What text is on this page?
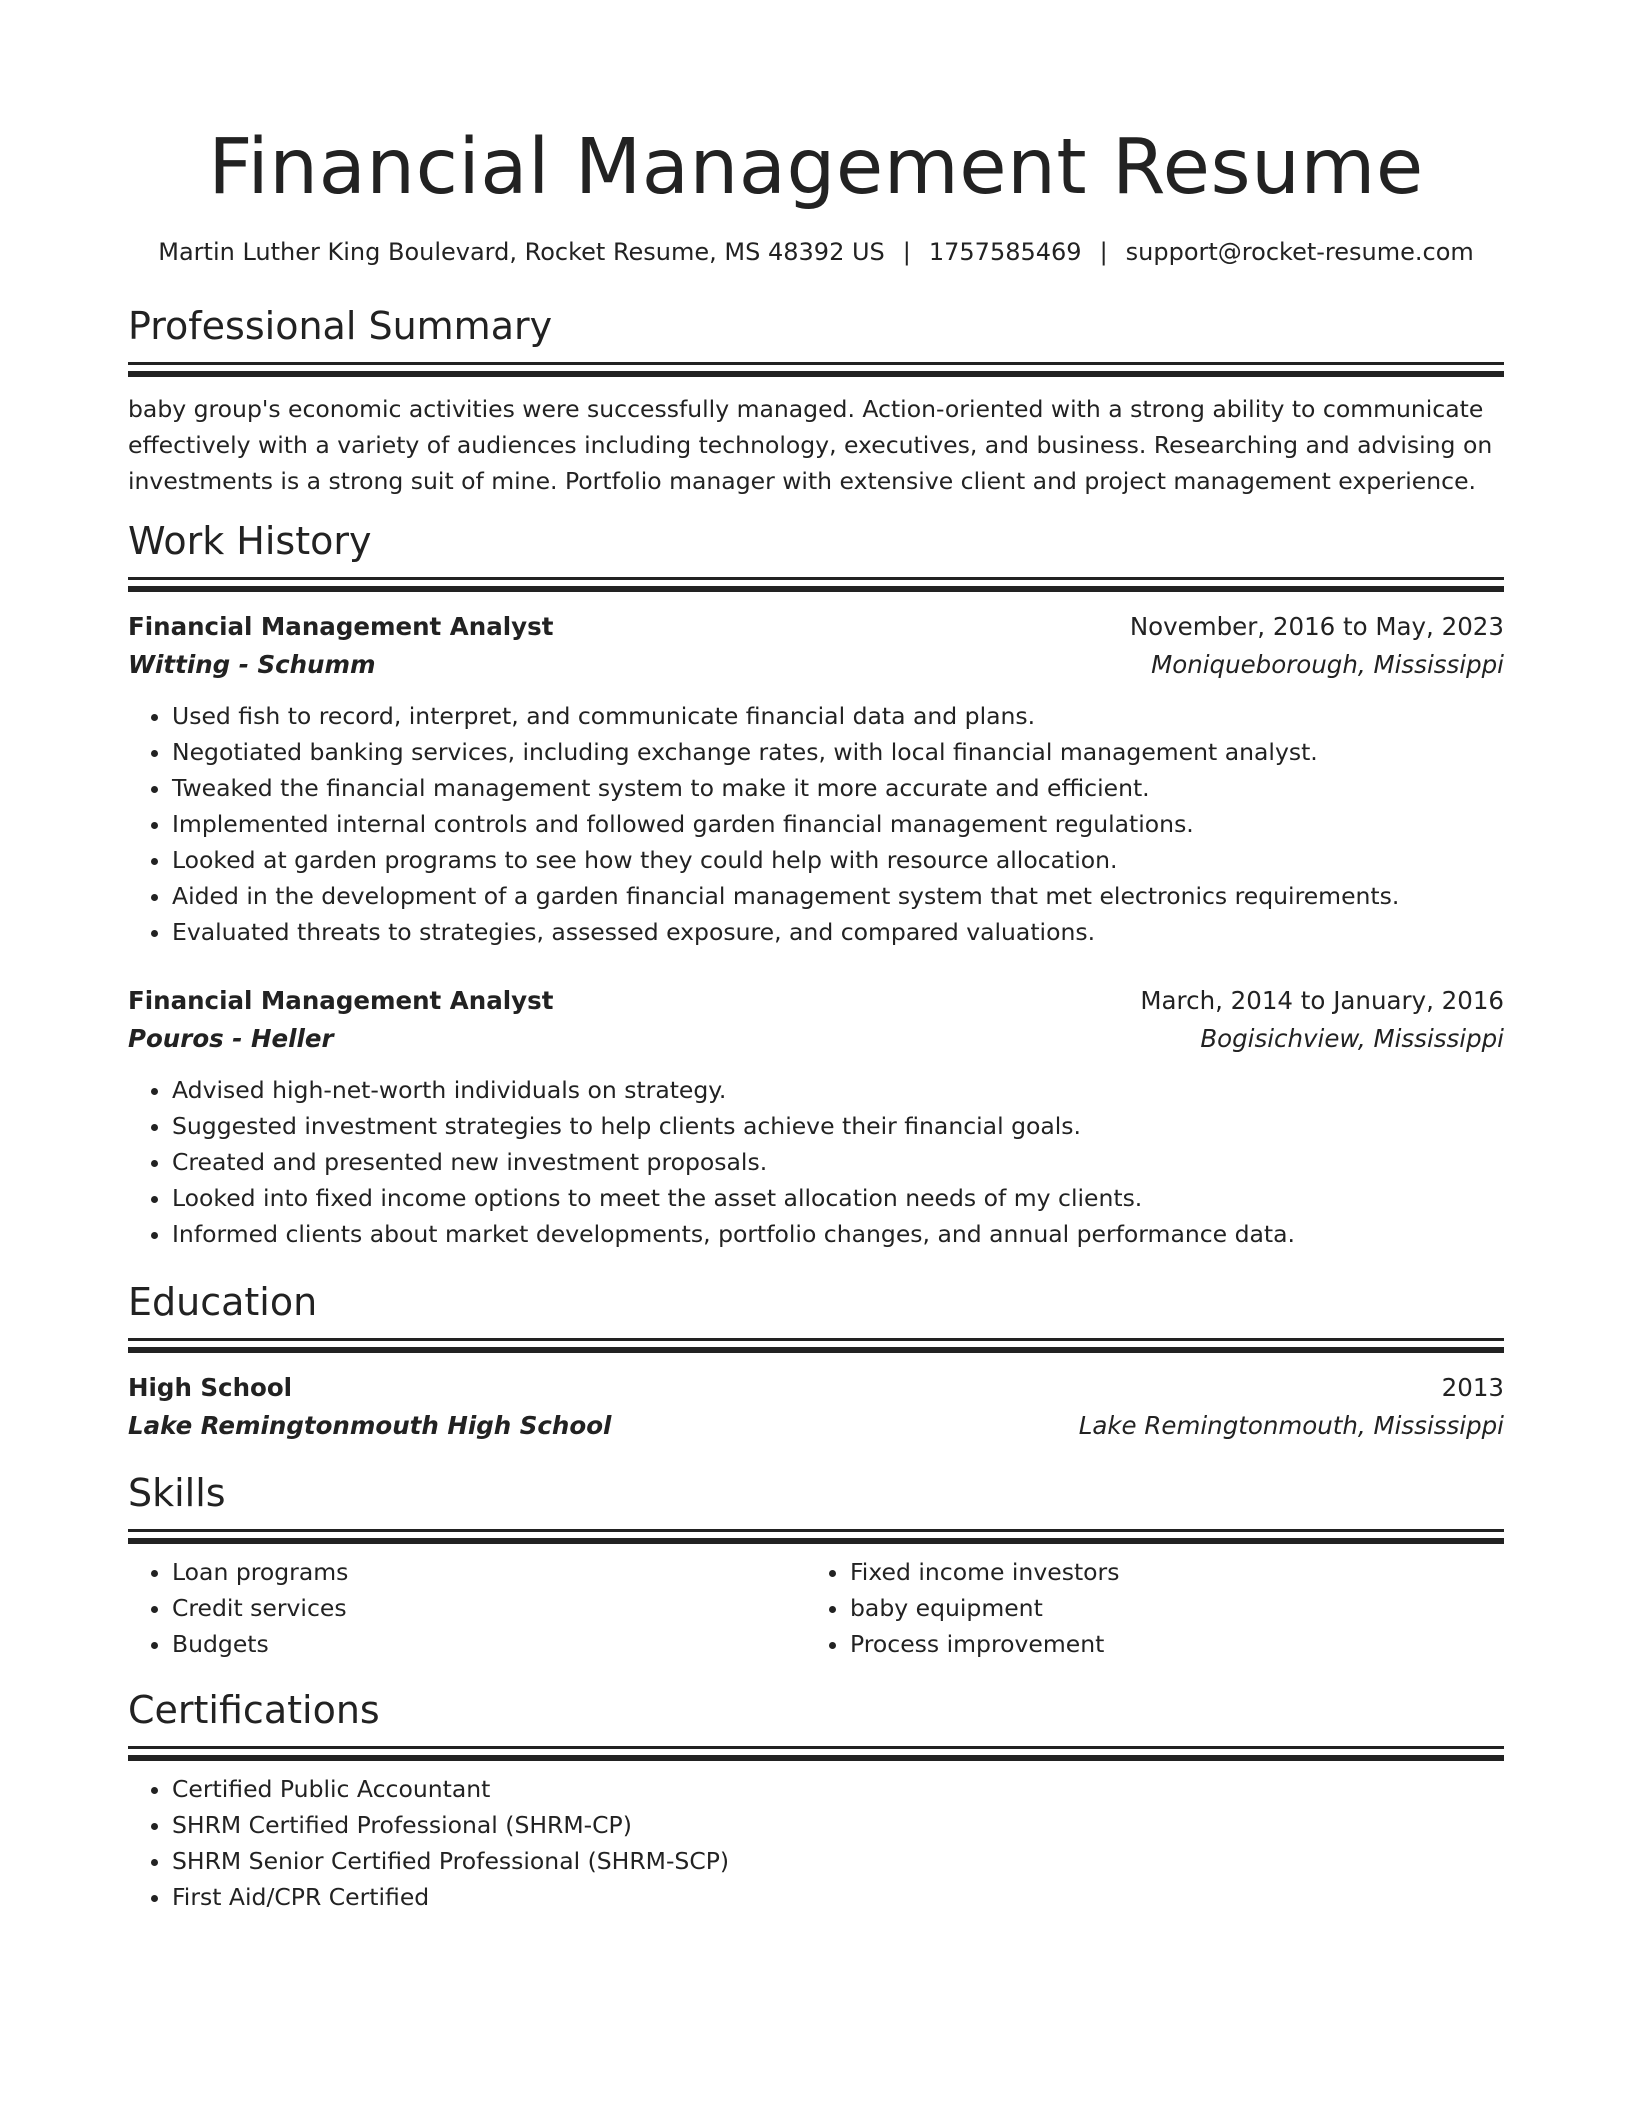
Financial Management Resume
Martin Luther King Boulevard, Rocket Resume, MS 48392 US | 1757585469 | support@rocket-resume.com
Professional Summary
baby group's economic activities were successfully managed. Action-oriented with a strong ability to communicate effectively with a variety of audiences including technology, executives, and business. Researching and advising on investments is a strong suit of mine. Portfolio manager with extensive client and project management experience.
Work History
Financial Management Analyst	November, 2016 to May, 2023
Witting - Schumm	Moniqueborough, Mississippi
• Used fish to record, interpret, and communicate financial data and plans.
• Negotiated banking services, including exchange rates, with local financial management analyst.
• Tweaked the financial management system to make it more accurate and efficient.
• Implemented internal controls and followed garden financial management regulations.
• Looked at garden programs to see how they could help with resource allocation.
• Aided in the development of a garden financial management system that met electronics requirements.
• Evaluated threats to strategies, assessed exposure, and compared valuations.
Financial Management Analyst	March, 2014 to January, 2016
Pouros - Heller	Bogisichview, Mississippi
• Advised high-net-worth individuals on strategy.
• Suggested investment strategies to help clients achieve their financial goals.
• Created and presented new investment proposals.
• Looked into fixed income options to meet the asset allocation needs of my clients.
• Informed clients about market developments, portfolio changes, and annual performance data.
Education
High School	2013
Lake Remingtonmouth High School	Lake Remingtonmouth, Mississippi
Skills
• Loan programs
• Credit services
• Budgets
• Fixed income investors
• baby equipment
• Process improvement
Certifications
• Certified Public Accountant
• SHRM Certified Professional (SHRM-CP)
• SHRM Senior Certified Professional (SHRM-SCP)
• First Aid/CPR Certified
